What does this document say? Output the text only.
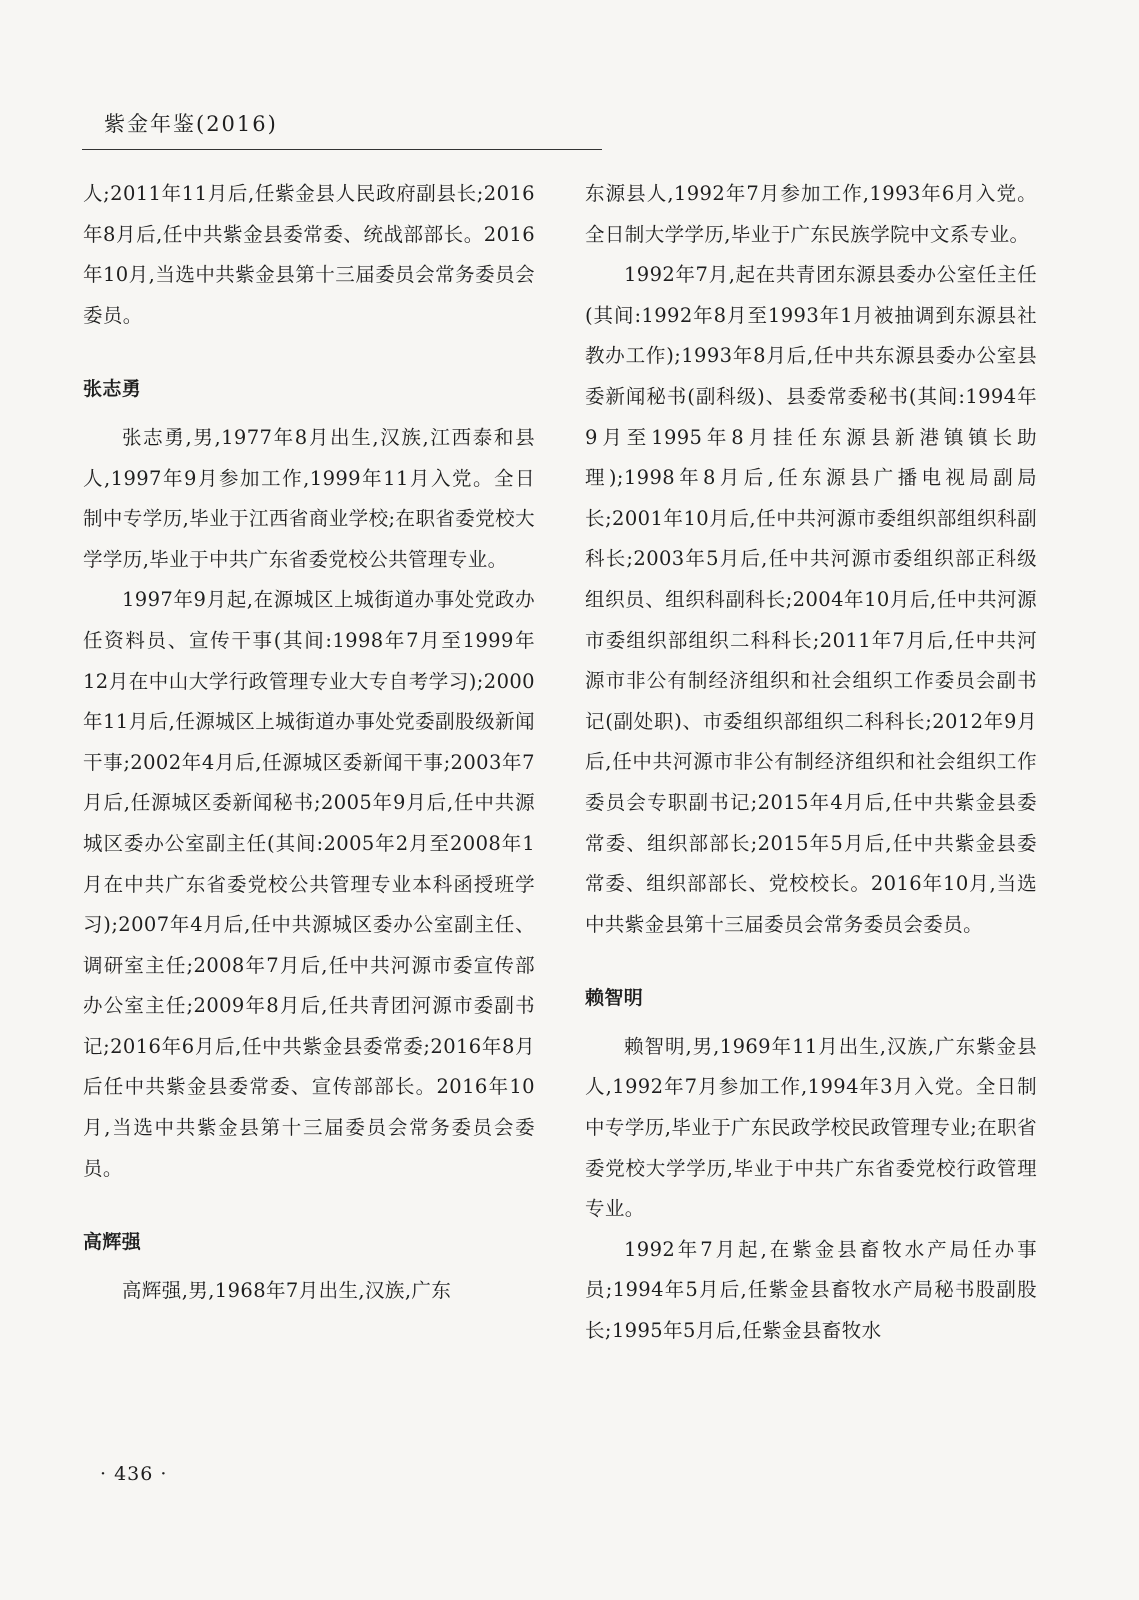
紫金年鉴(2016)

人;2011年11月后,任紫金县人民政府副县长;2016年8月后,任中共紫金县委常委、统战部部长。2016年10月,当选中共紫金县第十三届委员会常务委员会委员。

张志勇

张志勇,男,1977年8月出生,汉族,江西泰和县人,1997年9月参加工作,1999年11月入党。全日制中专学历,毕业于江西省商业学校;在职省委党校大学学历,毕业于中共广东省委党校公共管理专业。

1997年9月起,在源城区上城街道办事处党政办任资料员、宣传干事(其间:1998年7月至1999年12月在中山大学行政管理专业大专自考学习);2000年11月后,任源城区上城街道办事处党委副股级新闻干事;2002年4月后,任源城区委新闻干事;2003年7月后,任源城区委新闻秘书;2005年9月后,任中共源城区委办公室副主任(其间:2005年2月至2008年1月在中共广东省委党校公共管理专业本科函授班学习);2007年4月后,任中共源城区委办公室副主任、调研室主任;2008年7月后,任中共河源市委宣传部办公室主任;2009年8月后,任共青团河源市委副书记;2016年6月后,任中共紫金县委常委;2016年8月后任中共紫金县委常委、宣传部部长。2016年10月,当选中共紫金县第十三届委员会常务委员会委员。

高辉强

高辉强,男,1968年7月出生,汉族,广东

东源县人,1992年7月参加工作,1993年6月入党。全日制大学学历,毕业于广东民族学院中文系专业。

1992年7月,起在共青团东源县委办公室任主任(其间:1992年8月至1993年1月被抽调到东源县社教办工作);1993年8月后,任中共东源县委办公室县委新闻秘书(副科级)、县委常委秘书(其间:1994年9月至1995年8月挂任东源县新港镇镇长助理);1998年8月后,任东源县广播电视局副局长;2001年10月后,任中共河源市委组织部组织科副科长;2003年5月后,任中共河源市委组织部正科级组织员、组织科副科长;2004年10月后,任中共河源市委组织部组织二科科长;2011年7月后,任中共河源市非公有制经济组织和社会组织工作委员会副书记(副处职)、市委组织部组织二科科长;2012年9月后,任中共河源市非公有制经济组织和社会组织工作委员会专职副书记;2015年4月后,任中共紫金县委常委、组织部部长;2015年5月后,任中共紫金县委常委、组织部部长、党校校长。2016年10月,当选中共紫金县第十三届委员会常务委员会委员。

赖智明

赖智明,男,1969年11月出生,汉族,广东紫金县人,1992年7月参加工作,1994年3月入党。全日制中专学历,毕业于广东民政学校民政管理专业;在职省委党校大学学历,毕业于中共广东省委党校行政管理专业。

1992年7月起,在紫金县畜牧水产局任办事员;1994年5月后,任紫金县畜牧水产局秘书股副股长;1995年5月后,任紫金县畜牧水

· 436 ·
